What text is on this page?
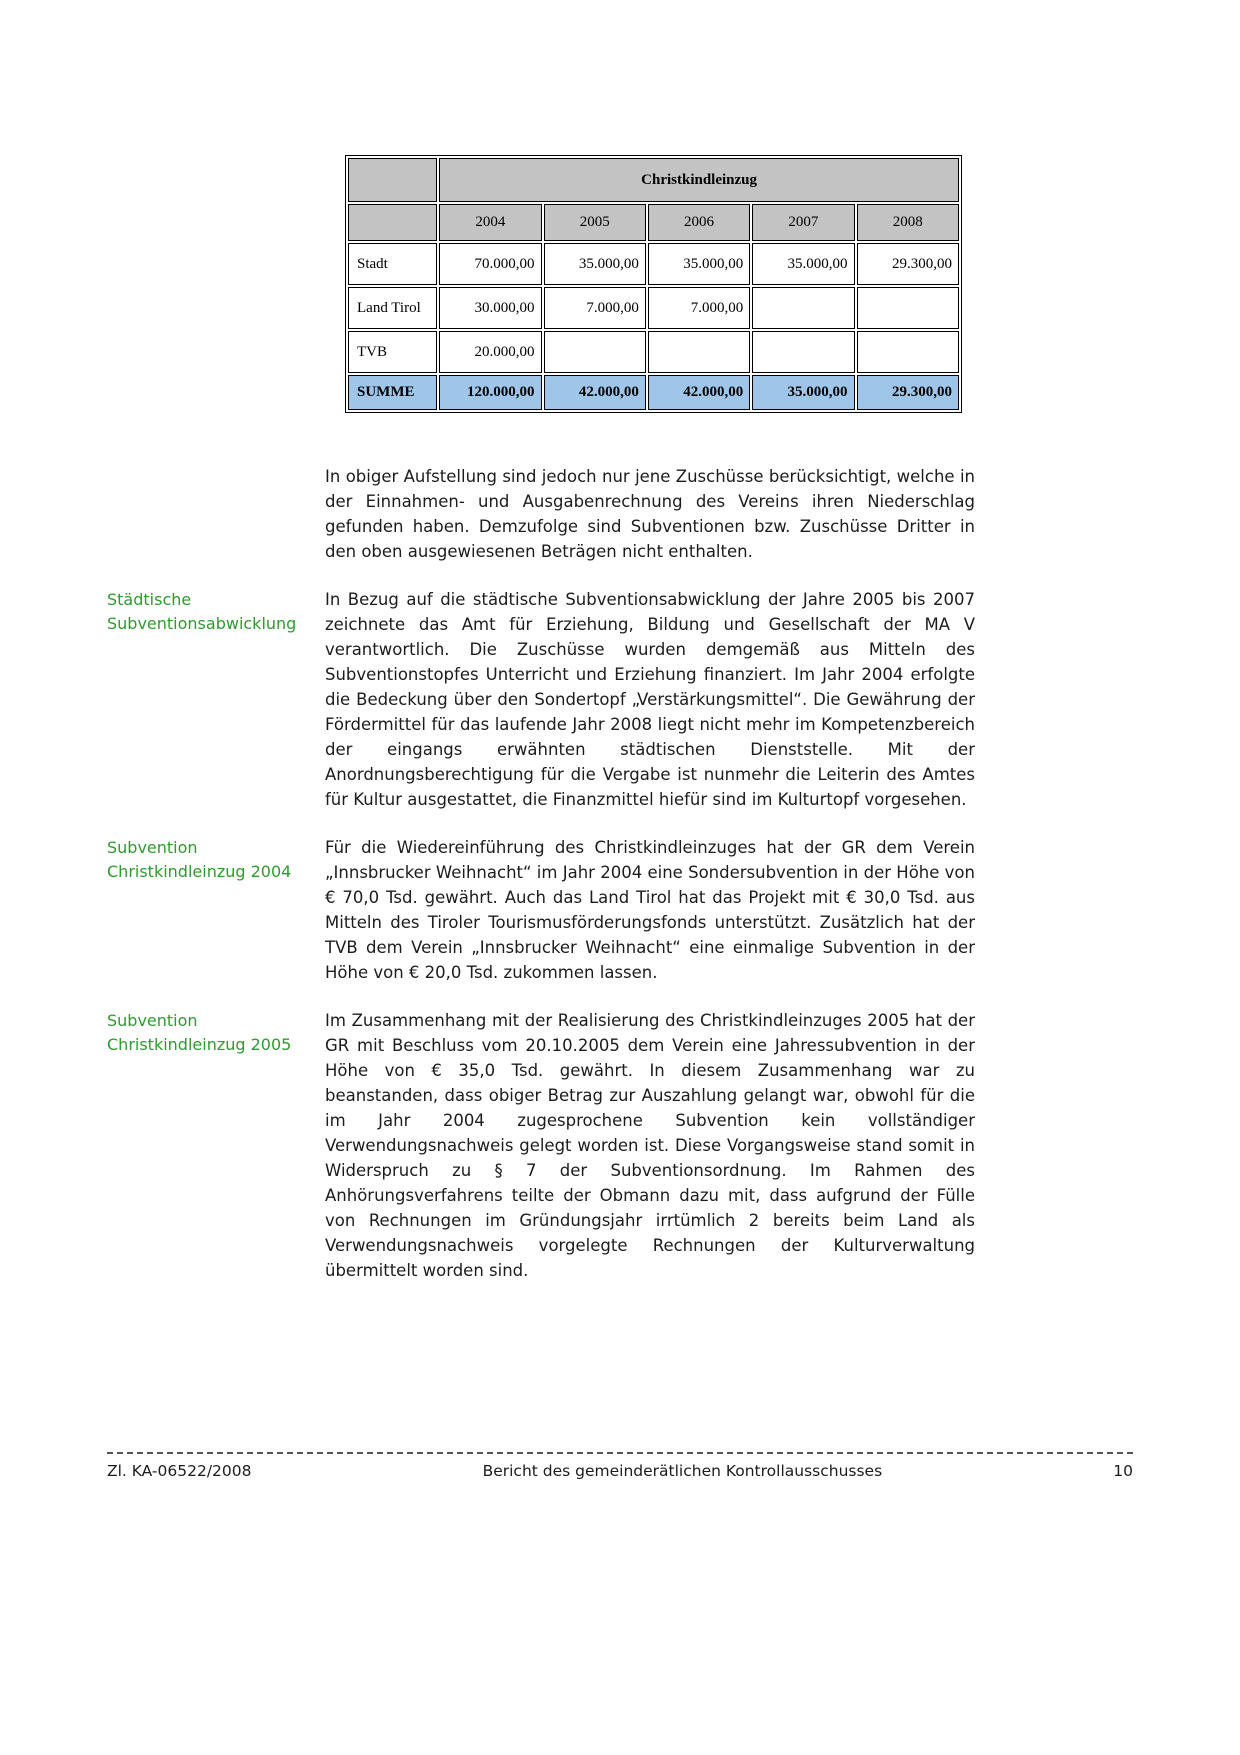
	Christkindleinzug				
	2004	2005	2006	2007	2008
Stadt	70.000,00	35.000,00	35.000,00	35.000,00	29.300,00
Land Tirol	30.000,00	7.000,00	7.000,00		
TVB	20.000,00				
SUMME	120.000,00	42.000,00	42.000,00	35.000,00	29.300,00
In obiger Aufstellung sind jedoch nur jene Zuschüsse berücksichtigt, welche in der Einnahmen- und Ausgabenrechnung des Vereins ihren Niederschlag gefunden haben. Demzufolge sind Subventionen bzw. Zuschüsse Dritter in den oben ausgewiesenen Beträgen nicht enthalten.
Städtische Subventionsabwicklung
In Bezug auf die städtische Subventionsabwicklung der Jahre 2005 bis 2007 zeichnete das Amt für Erziehung, Bildung und Gesellschaft der MA V verantwortlich. Die Zuschüsse wurden demgemäß aus Mitteln des Subventionstopfes Unterricht und Erziehung finanziert. Im Jahr 2004 erfolgte die Bedeckung über den Sondertopf „Verstärkungsmittel“. Die Gewährung der Fördermittel für das laufende Jahr 2008 liegt nicht mehr im Kompetenzbereich der eingangs erwähnten städtischen Dienststelle. Mit der Anordnungsberechtigung für die Vergabe ist nunmehr die Leiterin des Amtes für Kultur ausgestattet, die Finanzmittel hiefür sind im Kulturtopf vorgesehen.
Subvention Christkindleinzug 2004
Für die Wiedereinführung des Christkindleinzuges hat der GR dem Verein „Innsbrucker Weihnacht“ im Jahr 2004 eine Sondersubvention in der Höhe von € 70,0 Tsd. gewährt. Auch das Land Tirol hat das Projekt mit € 30,0 Tsd. aus Mitteln des Tiroler Tourismusförderungsfonds unterstützt. Zusätzlich hat der TVB dem Verein „Innsbrucker Weihnacht“ eine einmalige Subvention in der Höhe von € 20,0 Tsd. zukommen lassen.
Subvention Christkindleinzug 2005
Im Zusammenhang mit der Realisierung des Christkindleinzuges 2005 hat der GR mit Beschluss vom 20.10.2005 dem Verein eine Jahressubvention in der Höhe von € 35,0 Tsd. gewährt. In diesem Zusammenhang war zu beanstanden, dass obiger Betrag zur Auszahlung gelangt war, obwohl für die im Jahr 2004 zugesprochene Subvention kein vollständiger Verwendungsnachweis gelegt worden ist. Diese Vorgangsweise stand somit in Widerspruch zu § 7 der Subventionsordnung. Im Rahmen des Anhörungsverfahrens teilte der Obmann dazu mit, dass aufgrund der Fülle von Rechnungen im Gründungsjahr irrtümlich 2 bereits beim Land als Verwendungsnachweis vorgelegte Rechnungen der Kulturverwaltung übermittelt worden sind.
Zl. KA-06522/2008	Bericht des gemeinderätlichen Kontrollausschusses	10
